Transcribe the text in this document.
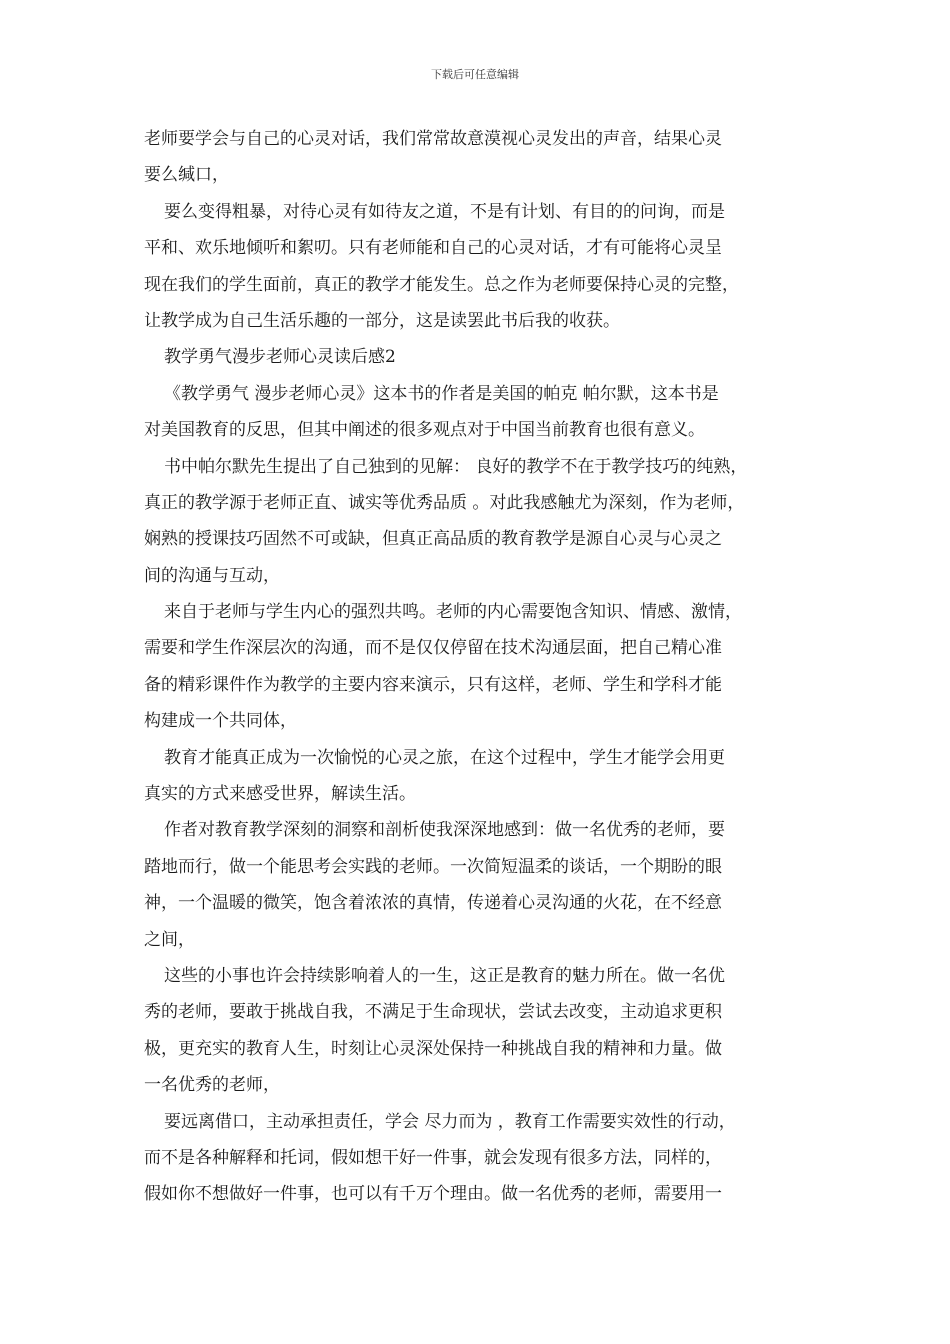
下载后可任意编辑
老师要学会与自己的心灵对话，我们常常故意漠视心灵发出的声音，结果心灵
要么缄口，
要么变得粗暴，对待心灵有如待友之道，不是有计划、有目的的问询，而是
平和、欢乐地倾听和絮叨。只有老师能和自己的心灵对话，才有可能将心灵呈
现在我们的学生面前，真正的教学才能发生。总之作为老师要保持心灵的完整，
让教学成为自己生活乐趣的一部分，这是读罢此书后我的收获。
教学勇气漫步老师心灵读后感2
《教学勇气 漫步老师心灵》这本书的作者是美国的帕克 帕尔默，这本书是
对美国教育的反思，但其中阐述的很多观点对于中国当前教育也很有意义。
书中帕尔默先生提出了自己独到的见解： 良好的教学不在于教学技巧的纯熟，
真正的教学源于老师正直、诚实等优秀品质 。对此我感触尤为深刻，作为老师，
娴熟的授课技巧固然不可或缺，但真正高品质的教育教学是源自心灵与心灵之
间的沟通与互动，
来自于老师与学生内心的强烈共鸣。老师的内心需要饱含知识、情感、激情，
需要和学生作深层次的沟通，而不是仅仅停留在技术沟通层面，把自己精心准
备的精彩课件作为教学的主要内容来演示，只有这样，老师、学生和学科才能
构建成一个共同体，
教育才能真正成为一次愉悦的心灵之旅，在这个过程中，学生才能学会用更
真实的方式来感受世界，解读生活。
作者对教育教学深刻的洞察和剖析使我深深地感到：做一名优秀的老师，要
踏地而行，做一个能思考会实践的老师。一次简短温柔的谈话，一个期盼的眼
神，一个温暖的微笑，饱含着浓浓的真情，传递着心灵沟通的火花，在不经意
之间，
这些的小事也许会持续影响着人的一生，这正是教育的魅力所在。做一名优
秀的老师，要敢于挑战自我，不满足于生命现状，尝试去改变，主动追求更积
极，更充实的教育人生，时刻让心灵深处保持一种挑战自我的精神和力量。做
一名优秀的老师，
要远离借口，主动承担责任，学会 尽力而为 ，教育工作需要实效性的行动，
而不是各种解释和托词，假如想干好一件事，就会发现有很多方法，同样的，
假如你不想做好一件事，也可以有千万个理由。做一名优秀的老师，需要用一
